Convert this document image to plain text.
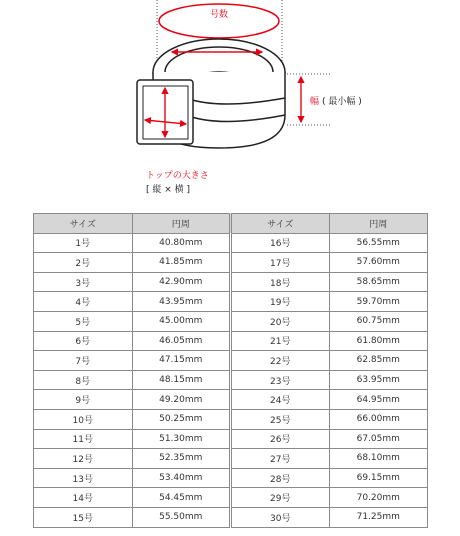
号数
幅 ( 最小幅 )
トップの大きさ
[ 縦 × 横 ]
サイズ	円周	サイズ	円周
1号	40.80mm	16号	56.55mm
2号	41.85mm	17号	57.60mm
3号	42.90mm	18号	58.65mm
4号	43.95mm	19号	59.70mm
5号	45.00mm	20号	60.75mm
6号	46.05mm	21号	61.80mm
7号	47.15mm	22号	62.85mm
8号	48.15mm	23号	63.95mm
9号	49.20mm	24号	64.95mm
10号	50.25mm	25号	66.00mm
11号	51.30mm	26号	67.05mm
12号	52.35mm	27号	68.10mm
13号	53.40mm	28号	69.15mm
14号	54.45mm	29号	70.20mm
15号	55.50mm	30号	71.25mm
